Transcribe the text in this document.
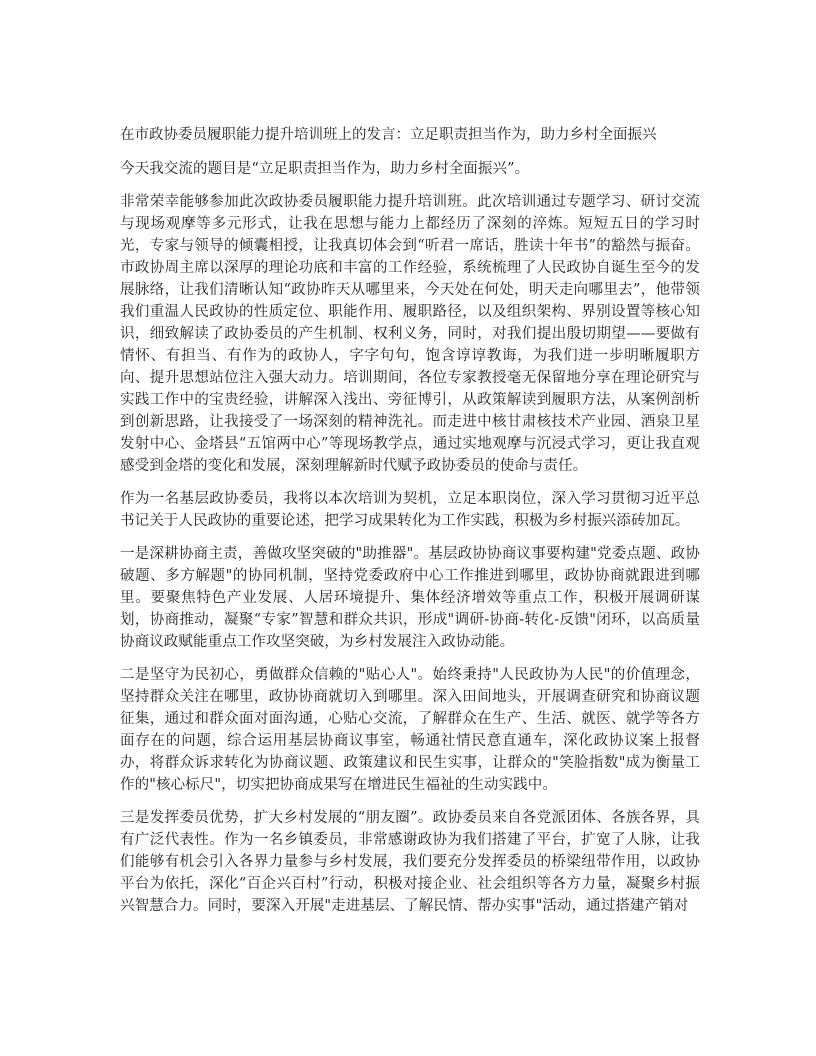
在市政协委员履职能力提升培训班上的发言：立足职责担当作为，助力乡村全面振兴

今天我交流的题目是“立足职责担当作为，助力乡村全面振兴”。

非常荣幸能够参加此次政协委员履职能力提升培训班。此次培训通过专题学习、研讨交流与现场观摩等多元形式，让我在思想与能力上都经历了深刻的淬炼。短短五日的学习时光，专家与领导的倾囊相授，让我真切体会到“听君一席话，胜读十年书”的豁然与振奋。市政协周主席以深厚的理论功底和丰富的工作经验，系统梳理了人民政协自诞生至今的发展脉络，让我们清晰认知“政协昨天从哪里来，今天处在何处，明天走向哪里去”，他带领我们重温人民政协的性质定位、职能作用、履职路径，以及组织架构、界别设置等核心知识，细致解读了政协委员的产生机制、权利义务，同时，对我们提出殷切期望——要做有情怀、有担当、有作为的政协人，字字句句，饱含谆谆教诲，为我们进一步明晰履职方向、提升思想站位注入强大动力。培训期间，各位专家教授毫无保留地分享在理论研究与实践工作中的宝贵经验，讲解深入浅出、旁征博引，从政策解读到履职方法，从案例剖析到创新思路，让我接受了一场深刻的精神洗礼。而走进中核甘肃核技术产业园、酒泉卫星发射中心、金塔县“五馆两中心”等现场教学点，通过实地观摩与沉浸式学习，更让我直观感受到金塔的变化和发展，深刻理解新时代赋予政协委员的使命与责任。

作为一名基层政协委员，我将以本次培训为契机，立足本职岗位，深入学习贯彻习近平总书记关于人民政协的重要论述，把学习成果转化为工作实践，积极为乡村振兴添砖加瓦。

一是深耕协商主责，善做攻坚突破的"助推器"。基层政协协商议事要构建"党委点题、政协破题、多方解题"的协同机制，坚持党委政府中心工作推进到哪里，政协协商就跟进到哪里。要聚焦特色产业发展、人居环境提升、集体经济增效等重点工作，积极开展调研谋划，协商推动，凝聚“专家”智慧和群众共识，形成"调研-协商-转化-反馈"闭环，以高质量协商议政赋能重点工作攻坚突破，为乡村发展注入政协动能。

二是坚守为民初心，勇做群众信赖的"贴心人"。始终秉持"人民政协为人民"的价值理念，坚持群众关注在哪里，政协协商就切入到哪里。深入田间地头，开展调查研究和协商议题征集，通过和群众面对面沟通，心贴心交流，了解群众在生产、生活、就医、就学等各方面存在的问题，综合运用基层协商议事室，畅通社情民意直通车，深化政协议案上报督办，将群众诉求转化为协商议题、政策建议和民生实事，让群众的"笑脸指数"成为衡量工作的"核心标尺"，切实把协商成果写在增进民生福祉的生动实践中。

三是发挥委员优势，扩大乡村发展的“朋友圈”。政协委员来自各党派团体、各族各界，具有广泛代表性。作为一名乡镇委员，非常感谢政协为我们搭建了平台，扩宽了人脉，让我们能够有机会引入各界力量参与乡村发展，我们要充分发挥委员的桥梁纽带作用，以政协平台为依托，深化“百企兴百村”行动，积极对接企业、社会组织等各方力量，凝聚乡村振兴智慧合力。同时，要深入开展"走进基层、了解民情、帮办实事"活动，通过搭建产销对
